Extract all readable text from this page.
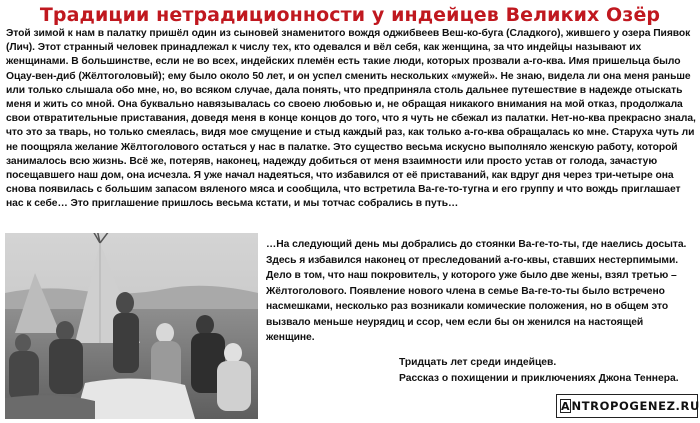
Традиции нетрадиционности у индейцев Великих Озёр
Этой зимой к нам в палатку пришёл один из сыновей знаменитого вождя оджибвеев Веш-ко-буга (Сладкого), жившего у озера Пиявок (Лич). Этот странный человек принадлежал к числу тех, кто одевался и вёл себя, как женщина, за что индейцы называют их женщинами. В большинстве, если не во всех, индейских племён есть такие люди, которых прозвали а-го-ква. Имя пришельца было Оцау-вен-диб (Жёлтоголовый); ему было около 50 лет, и он успел сменить нескольких «мужей». Не знаю, видела ли она меня раньше или только слышала обо мне, но, во всяком случае, дала понять, что предприняла столь дальнее путешествие в надежде отыскать меня и жить со мной. Она буквально навязывалась со своею любовью и, не обращая никакого внимания на мой отказ, продолжала свои отвратительные приставания, доведя меня в конце концов до того, что я чуть не сбежал из палатки. Нет-но-ква прекрасно знала, что это за тварь, но только смеялась, видя мое смущение и стыд каждый раз, как только а-го-ква обращалась ко мне. Старуха чуть ли не поощряла желание Жёлтоголового остаться у нас в палатке. Это существо весьма искусно выполняло женскую работу, которой занималось всю жизнь. Всё же, потеряв, наконец, надежду добиться от меня взаимности или просто устав от голода, зачастую посещавшего наш дом, она исчезла. Я уже начал надеяться, что избавился от её приставаний, как вдруг дня через три-четыре она снова появилась с большим запасом вяленого мяса и сообщила, что встретила Ва-ге-то-тугна и его группу и что вождь приглашает нас к себе… Это приглашение пришлось весьма кстати, и мы тотчас собрались в путь…
…На следующий день мы добрались до стоянки Ва-ге-то-ты, где наелись досыта. Здесь я избавился наконец от преследований а-го-квы, ставших нестерпимыми. Дело в том, что наш покровитель, у которого уже было две жены, взял третью – Жёлтоголового. Появление нового члена в семье Ва-ге-то-ты было встречено насмешками, несколько раз возникали комические положения, но в общем это вызвало меньше неурядиц и ссор, чем если бы он женился на настоящей женщине.
Тридцать лет среди индейцев.
Рассказ о похищении и приключениях Джона Теннера.
A NTROPOGENEZ.RU
